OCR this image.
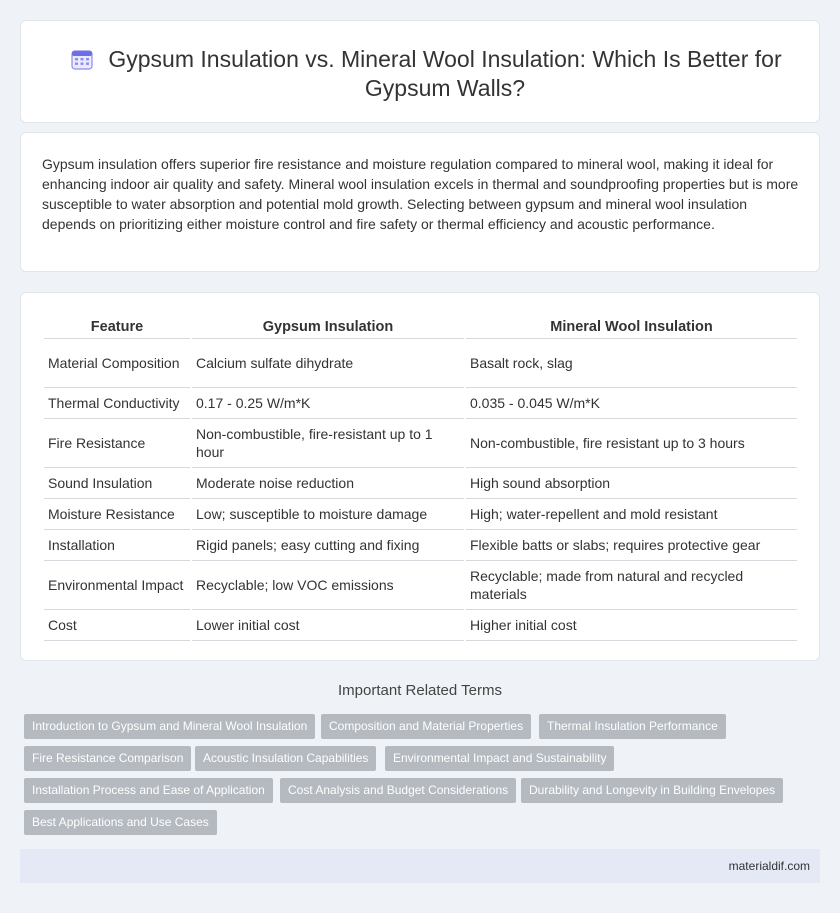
Gypsum Insulation vs. Mineral Wool Insulation: Which Is Better for Gypsum Walls?

Gypsum insulation offers superior fire resistance and moisture regulation compared to mineral wool, making it ideal for enhancing indoor air quality and safety. Mineral wool insulation excels in thermal and soundproofing properties but is more susceptible to water absorption and potential mold growth. Selecting between gypsum and mineral wool insulation depends on prioritizing either moisture control and fire safety or thermal efficiency and acoustic performance.

Feature	Gypsum Insulation	Mineral Wool Insulation
Material Composition	Calcium sulfate dihydrate	Basalt rock, slag
Thermal Conductivity	0.17 - 0.25 W/m*K	0.035 - 0.045 W/m*K
Fire Resistance	Non-combustible, fire-resistant up to 1 hour	Non-combustible, fire resistant up to 3 hours
Sound Insulation	Moderate noise reduction	High sound absorption
Moisture Resistance	Low; susceptible to moisture damage	High; water-repellent and mold resistant
Installation	Rigid panels; easy cutting and fixing	Flexible batts or slabs; requires protective gear
Environmental Impact	Recyclable; low VOC emissions	Recyclable; made from natural and recycled materials
Cost	Lower initial cost	Higher initial cost
Important Related Terms
Introduction to Gypsum and Mineral Wool Insulation	Composition and Material Properties	Thermal Insulation Performance
Fire Resistance Comparison	Acoustic Insulation Capabilities	Environmental Impact and Sustainability
Installation Process and Ease of Application	Cost Analysis and Budget Considerations	Durability and Longevity in Building Envelopes
Best Applications and Use Cases
materialdif.com
